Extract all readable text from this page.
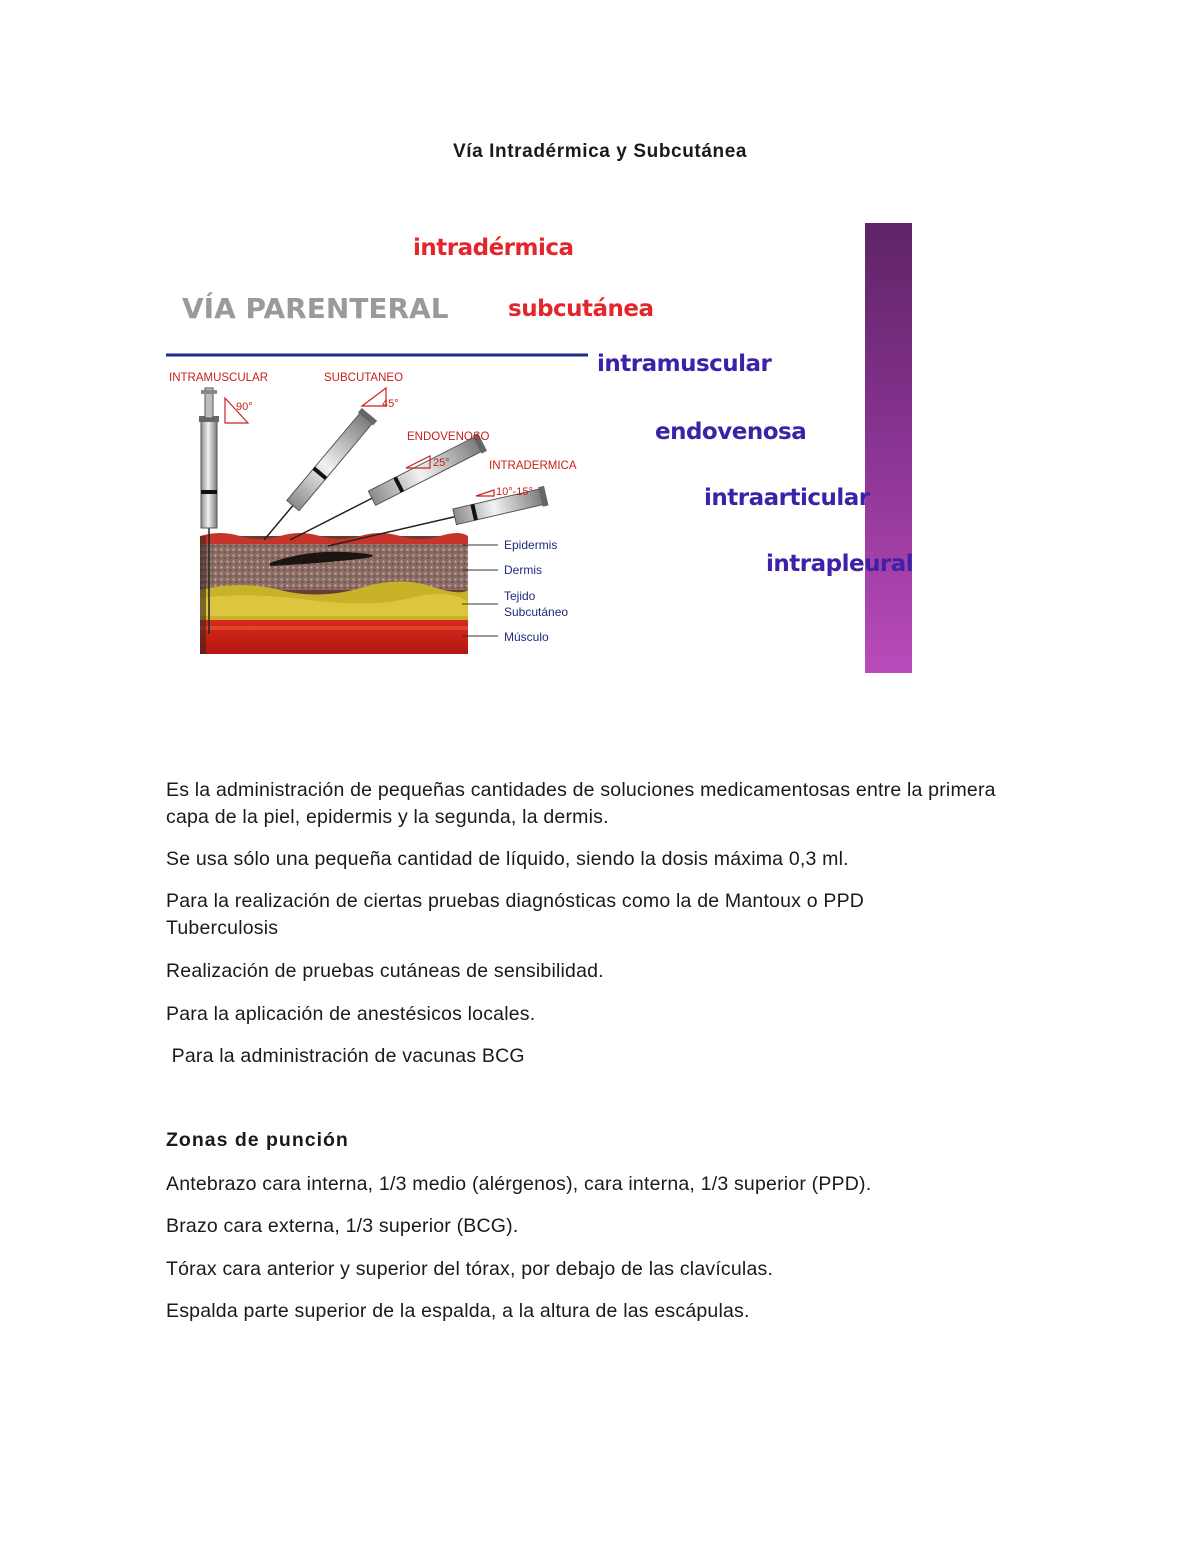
Vía Intradérmica y Subcutánea
INTRAMUSCULAR	SUBCUTANEO
ENDOVENOSO
INTRADERMICA
90°	45°
25°
10°-15°
Epidermis
Dermis
Tejido
Subcutáneo
Músculo
VÍA PARENTERAL
intradérmica
subcutánea
intramuscular
endovenosa
intraarticular
intrapleural

Es la administración de pequeñas cantidades de soluciones medicamentosas entre la primera capa de la piel, epidermis y la segunda, la dermis.

Se usa sólo una pequeña cantidad de líquido, siendo la dosis máxima 0,3 ml.

Para la realización de ciertas pruebas diagnósticas como la de Mantoux o PPD Tuberculosis

Realización de pruebas cutáneas de sensibilidad.

Para la aplicación de anestésicos locales.

Para la administración de vacunas BCG

Zonas de punción

Antebrazo cara interna, 1/3 medio (alérgenos), cara interna, 1/3 superior (PPD).

Brazo cara externa, 1/3 superior (BCG).

Tórax cara anterior y superior del tórax, por debajo de las clavículas.

Espalda parte superior de la espalda, a la altura de las escápulas.
